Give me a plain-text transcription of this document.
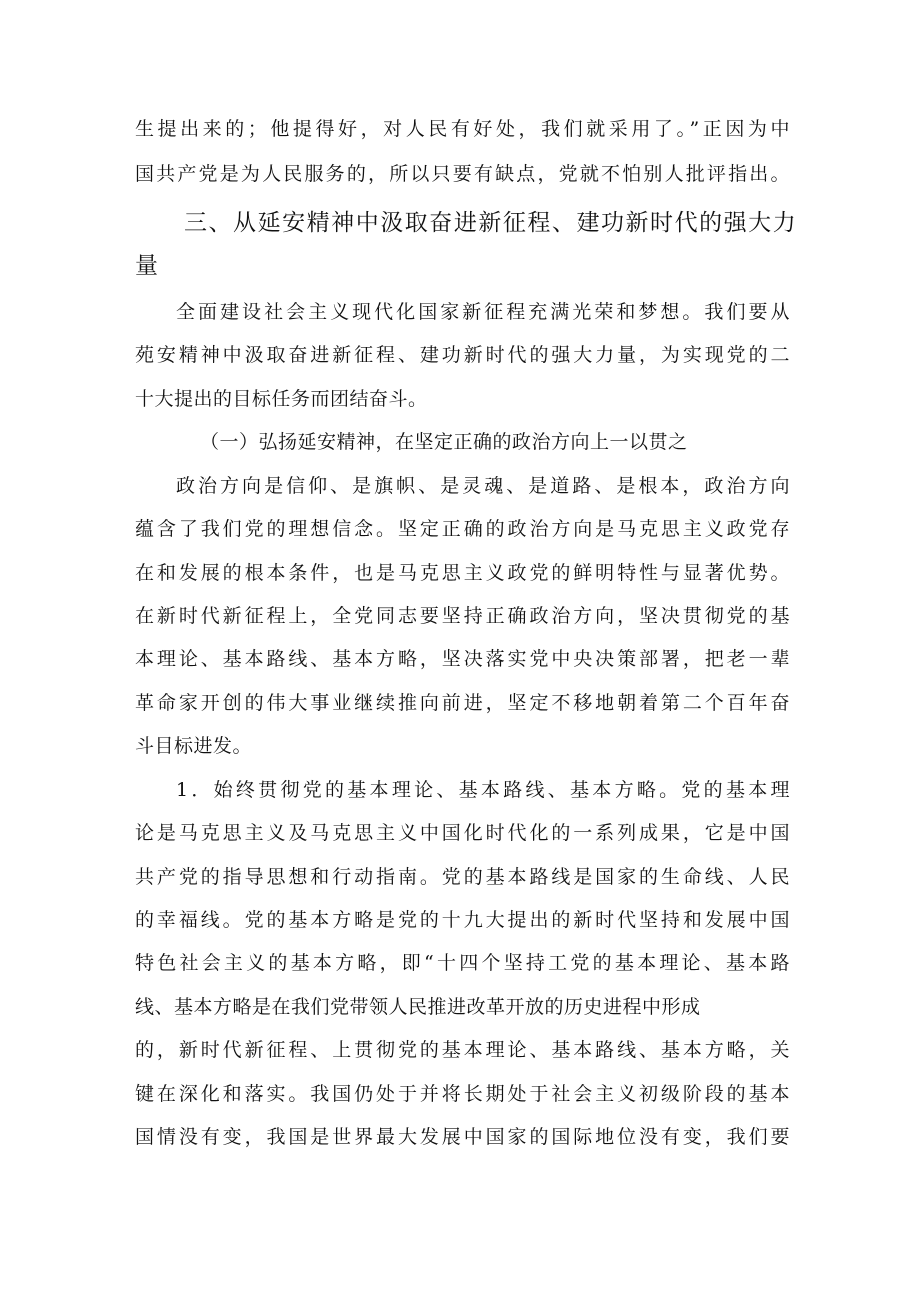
生提出来的；他提得好，对人民有好处，我们就采用了。”正因为中
国共产党是为人民服务的，所以只要有缺点，党就不怕别人批评指出。
三、从延安精神中汲取奋进新征程、建功新时代的强大力
量
全面建设社会主义现代化国家新征程充满光荣和梦想。我们要从
苑安精神中汲取奋进新征程、建功新时代的强大力量，为实现党的二
十大提出的目标任务而团结奋斗。
（一）弘扬延安精神，在坚定正确的政治方向上一以贯之
政治方向是信仰、是旗帜、是灵魂、是道路、是根本，政治方向
蕴含了我们党的理想信念。坚定正确的政治方向是马克思主义政党存
在和发展的根本条件，也是马克思主义政党的鲜明特性与显著优势。
在新时代新征程上，全党同志要坚持正确政治方向，坚决贯彻党的基
本理论、基本路线、基本方略，坚决落实党中央决策部署，把老一辈
革命家开创的伟大事业继续推向前进，坚定不移地朝着第二个百年奋
斗目标进发。
1．始终贯彻党的基本理论、基本路线、基本方略。党的基本理
论是马克思主义及马克思主义中国化时代化的一系列成果，它是中国
共产党的指导思想和行动指南。党的基本路线是国家的生命线、人民
的幸福线。党的基本方略是党的十九大提出的新时代坚持和发展中国
特色社会主义的基本方略，即“十四个坚持工党的基本理论、基本路
线、基本方略是在我们党带领人民推进改革开放的历史进程中形成
的，新时代新征程、上贯彻党的基本理论、基本路线、基本方略，关
键在深化和落实。我国仍处于并将长期处于社会主义初级阶段的基本
国情没有变，我国是世界最大发展中国家的国际地位没有变，我们要
